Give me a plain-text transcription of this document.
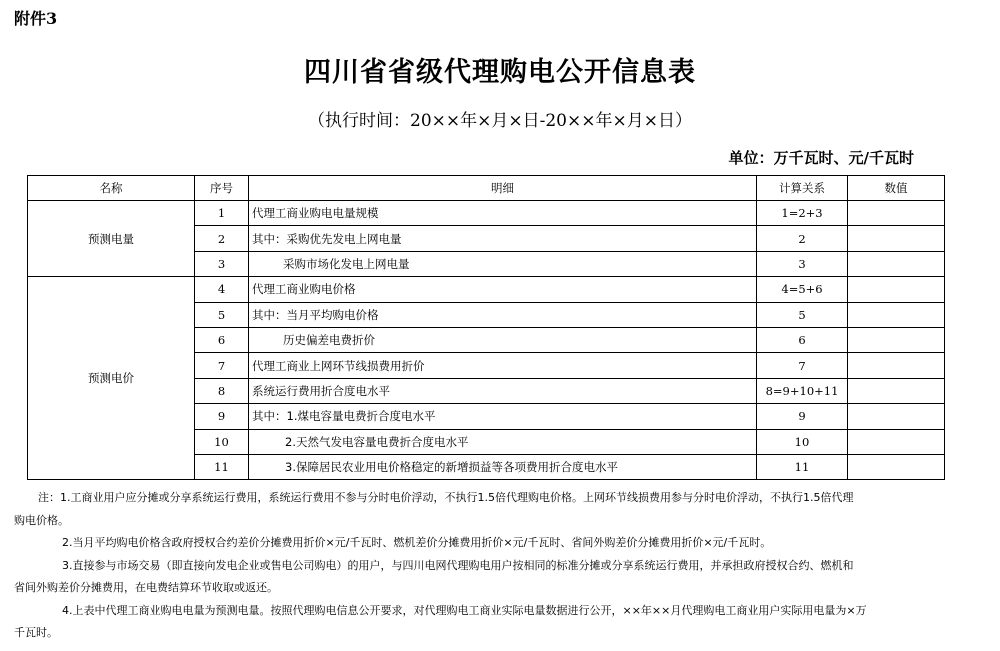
附件3
四川省省级代理购电公开信息表
（执行时间：20××年×月×日-20××年×月×日）
单位：万千瓦时、元/千瓦时
名称	序号	明细	计算关系	数值
预测电量	1	代理工商业购电电量规模	1=2+3	
	2	其中：采购优先发电上网电量	2	
	3	采购市场化发电上网电量	3	
预测电价	4	代理工商业购电价格	4=5+6	
	5	其中：当月平均购电价格	5	
	6	历史偏差电费折价	6	
	7	代理工商业上网环节线损费用折价	7	
	8	系统运行费用折合度电水平	8=9+10+11	
	9	其中：1.煤电容量电费折合度电水平	9	
	10	2.天然气发电容量电费折合度电水平	10	
	11	3.保障居民农业用电价格稳定的新增损益等各项费用折合度电水平	11	

注：1.工商业用户应分摊或分享系统运行费用，系统运行费用不参与分时电价浮动，不执行1.5倍代理购电价格。上网环节线损费用参与分时电价浮动，不执行1.5倍代理

购电价格。

2.当月平均购电价格含政府授权合约差价分摊费用折价×元/千瓦时、燃机差价分摊费用折价×元/千瓦时、省间外购差价分摊费用折价×元/千瓦时。

3.直接参与市场交易（即直接向发电企业或售电公司购电）的用户，与四川电网代理购电用户按相同的标准分摊或分享系统运行费用，并承担政府授权合约、燃机和

省间外购差价分摊费用，在电费结算环节收取或返还。

4.上表中代理工商业购电电量为预测电量。按照代理购电信息公开要求，对代理购电工商业实际电量数据进行公开，××年××月代理购电工商业用户实际用电量为×万

千瓦时。
